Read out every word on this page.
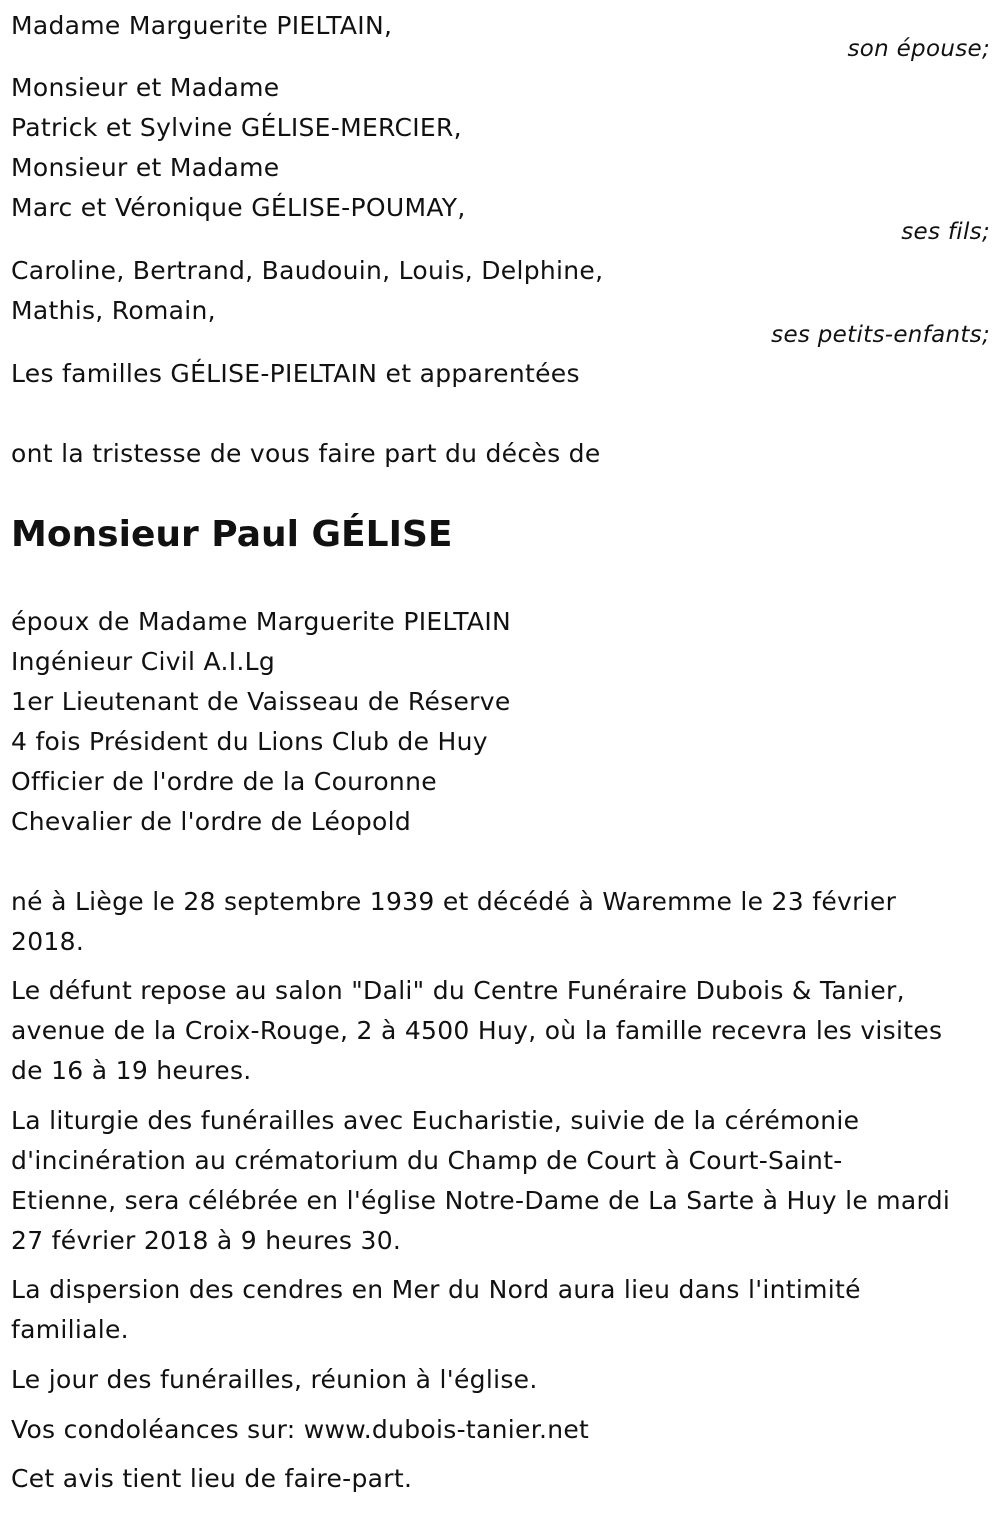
Madame Marguerite PIELTAIN,
son épouse;
Monsieur et Madame
Patrick et Sylvine GÉLISE-MERCIER,
Monsieur et Madame
Marc et Véronique GÉLISE-POUMAY,
ses fils;
Caroline, Bertrand, Baudouin, Louis, Delphine,
Mathis, Romain,
ses petits-enfants;
Les familles GÉLISE-PIELTAIN et apparentées
ont la tristesse de vous faire part du décès de
Monsieur Paul GÉLISE
époux de Madame Marguerite PIELTAIN
Ingénieur Civil A.I.Lg
1er Lieutenant de Vaisseau de Réserve
4 fois Président du Lions Club de Huy
Officier de l'ordre de la Couronne
Chevalier de l'ordre de Léopold
né à Liège le 28 septembre 1939 et décédé à Waremme le 23 février
2018.
Le défunt repose au salon "Dali" du Centre Funéraire Dubois & Tanier,
avenue de la Croix-Rouge, 2 à 4500 Huy, où la famille recevra les visites
de 16 à 19 heures.
La liturgie des funérailles avec Eucharistie, suivie de la cérémonie
d'incinération au crématorium du Champ de Court à Court-Saint-
Etienne, sera célébrée en l'église Notre-Dame de La Sarte à Huy le mardi
27 février 2018 à 9 heures 30.
La dispersion des cendres en Mer du Nord aura lieu dans l'intimité
familiale.
Le jour des funérailles, réunion à l'église.
Vos condoléances sur: www.dubois-tanier.net
Cet avis tient lieu de faire-part.
